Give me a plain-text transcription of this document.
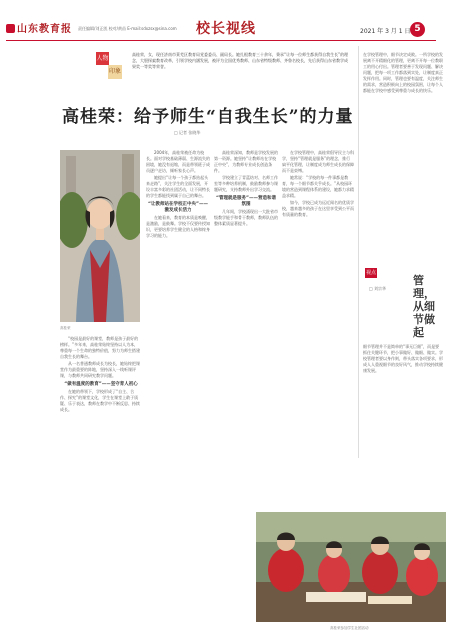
山东教育报 责任编辑/刘正凯 校对/黄苗 E-mail:sdxzsx@sina.com 校长视线	2021 年 3 月 1 日 5
人物
印象
高桂荣，女，现任济南市莱芜区教育局党委委员、副局长。她扎根教育三十余年，秉承“让每一位师生都获得自我生长”的理念，大胆探索教育改革，引领学校内涵发展，被评为全国优秀教师、山东省特级教师、齐鲁名校长，先后获得山东省教学成果奖一等奖等荣誉。
高桂荣：给予师生“自我生长”的力量
□ 记者 张晓华
高桂荣

“校园是最好的课堂，教师是孩子最好的榜样。”多年来，高桂荣始终坚持以人为本，尊重每一个生命的独特价值，努力为师生搭建自我生长的舞台。

从一名普通教师成长为校长，她始终把课堂作为最重要的阵地，坚持深入一线听课评课，与教师共同研究教学问题。

“做有温度的教育”——坚守育人初心

在她的带领下，学校形成了“自主、合作、探究”的课堂文化，学生在课堂上敢于质疑、乐于表达，教师在教学中不断反思、持续成长。

2004年，高桂荣被任命为校长。面对学校基础薄弱、生源流失的困境，她没有退缩，而是带领班子成员逐户走访，倾听家长心声。

她提出“让每一个孩子都抬起头来走路”，关注学生的全面发展，开设丰富多彩的社团活动，让不同特长的学生都能找到属于自己的舞台。

“让教师站在学校正中央”——激发成长活力

在她看来，教育的本质是唤醒，是激励，是鼓舞。学校不仅要传授知识，更要培养学生健全的人格和终身学习的能力。

高桂荣深知，教师是学校发展的第一资源。她坚持“让教师站在学校正中央”，为教师专业成长创造条件。

学校建立了青蓝结对、名师工作室等多种培养机制，鼓励教师参与课题研究，支持教师外出学习交流。

“管理就是服务”——营造和谐氛围

几年间，学校涌现出一大批省市级教学能手和骨干教师，教师队伍的整体素质显著提升。

在学校管理中，高桂荣倡导民主与科学，坚持“管理就是服务”的理念，推行扁平化管理，让制度成为师生成长的保障而不是束缚。

她常说：“学校的每一件事都是教育，每一个细节都关乎成长。”从校园环境的营造到课程体系的建设，她都力求精益求精。

如今，学校已成为远近闻名的优质学校，越来越多的孩子在这里享受到公平而有质量的教育。

在学校管理中，细节决定成败。一所学校的发展离不开精细化的管理，更离不开每一位教职工的用心付出。管理者要善于发现问题、解决问题，把每一项工作都落到实处，让制度真正发挥作用。同时，管理也要有温度，关注师生的需求，营造积极向上的校园氛围，让每个人都能在学校中感受到尊重与成长的快乐。
视点
□ 刘宗华
管理，从细节做起
细节管理并不是简单的“事无巨细”，而是要抓住关键环节，把小事做好、做细、做实。学校管理者要以身作则，带头落实各项要求，形成人人重视细节的良好风气，推动学校持续健康发展。
高桂荣参加学生社团活动
